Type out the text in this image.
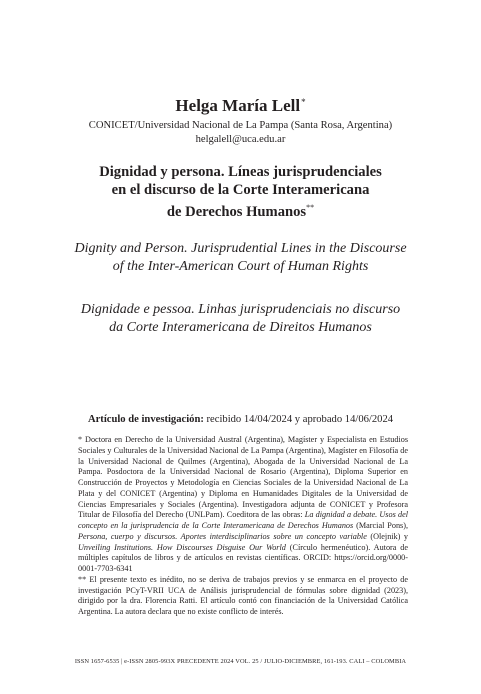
Helga María Lell*
CONICET/Universidad Nacional de La Pampa (Santa Rosa, Argentina)
helgalell@uca.edu.ar
Dignidad y persona. Líneas jurisprudenciales
en el discurso de la Corte Interamericana
de Derechos Humanos**
Dignity and Person. Jurisprudential Lines in the Discourse
of the Inter-American Court of Human Rights
Dignidade e pessoa. Linhas jurisprudenciais no discurso
da Corte Interamericana de Direitos Humanos
Artículo de investigación: recibido 14/04/2024 y aprobado 14/06/2024

* Doctora en Derecho de la Universidad Austral (Argentina), Magíster y Especialista en Estudios Sociales y Culturales de la Universidad Nacional de La Pampa (Argentina), Magíster en Filosofía de la Universidad Nacional de Quilmes (Argentina), Abogada de la Universidad Nacional de La Pampa. Posdoctora de la Universidad Nacional de Rosario (Argentina), Diploma Superior en Construcción de Proyectos y Metodología en Ciencias Sociales de la Universidad Nacional de La Plata y del CONICET (Argentina) y Diploma en Humanidades Digitales de la Universidad de Ciencias Empresariales y Sociales (Argentina). Investigadora adjunta de CONICET y Profesora Titular de Filosofía del Derecho (UNLPam). Coeditora de las obras: La dignidad a debate. Usos del concepto en la jurisprudencia de la Corte Interamericana de Derechos Humanos (Marcial Pons), Persona, cuerpo y discursos. Aportes interdisciplinarios sobre un concepto variable (Olejnik) y Unveiling Institutions. How Discourses Disguise Our World (Círculo hermenéutico). Autora de múltiples capítulos de libros y de artículos en revistas científicas. ORCID: https://orcid.org/0000-0001-7703-6341

** El presente texto es inédito, no se deriva de trabajos previos y se enmarca en el proyecto de investigación PCyT-VRII UCA de Análisis jurisprudencial de fórmulas sobre dignidad (2023), dirigido por la dra. Florencia Ratti. El artículo contó con financiación de la Universidad Católica Argentina. La autora declara que no existe conflicto de interés.

ISSN 1657-6535 | e-ISSN 2805-993X PRECEDENTE 2024 VOL. 25 / JULIO-DICIEMBRE, 161-193. CALI – COLOMBIA
